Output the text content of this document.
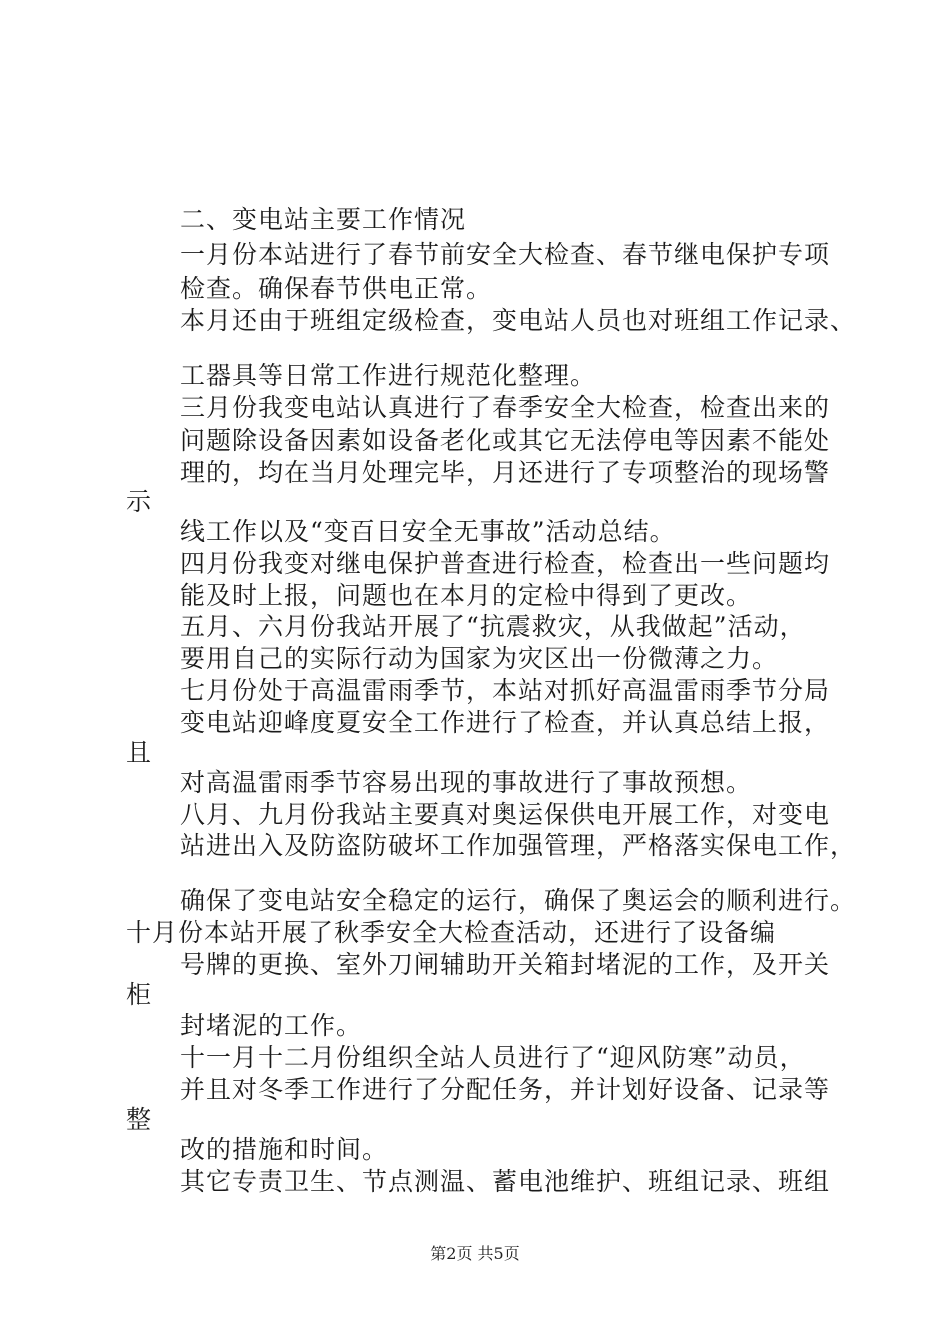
二、变电站主要工作情况
一月份本站进行了春节前安全大检查、春节继电保护专项
检查。确保春节供电正常。
本月还由于班组定级检查，变电站人员也对班组工作记录、
工器具等日常工作进行规范化整理。
三月份我变电站认真进行了春季安全大检查，检查出来的
问题除设备因素如设备老化或其它无法停电等因素不能处
理的，均在当月处理完毕，月还进行了专项整治的现场警
示
线工作以及“变百日安全无事故”活动总结。
四月份我变对继电保护普查进行检查，检查出一些问题均
能及时上报，问题也在本月的定检中得到了更改。
五月、六月份我站开展了“抗震救灾，从我做起”活动，
要用自己的实际行动为国家为灾区出一份微薄之力。
七月份处于高温雷雨季节，本站对抓好高温雷雨季节分局
变电站迎峰度夏安全工作进行了检查，并认真总结上报，
且
对高温雷雨季节容易出现的事故进行了事故预想。
八月、九月份我站主要真对奥运保供电开展工作，对变电
站进出入及防盗防破坏工作加强管理，严格落实保电工作，
确保了变电站安全稳定的运行，确保了奥运会的顺利进行。
十月份本站开展了秋季安全大检查活动，还进行了设备编
号牌的更换、室外刀闸辅助开关箱封堵泥的工作，及开关
柜
封堵泥的工作。
十一月十二月份组织全站人员进行了“迎风防寒”动员，
并且对冬季工作进行了分配任务，并计划好设备、记录等
整
改的措施和时间。
其它专责卫生、节点测温、蓄电池维护、班组记录、班组
第2页 共5页
